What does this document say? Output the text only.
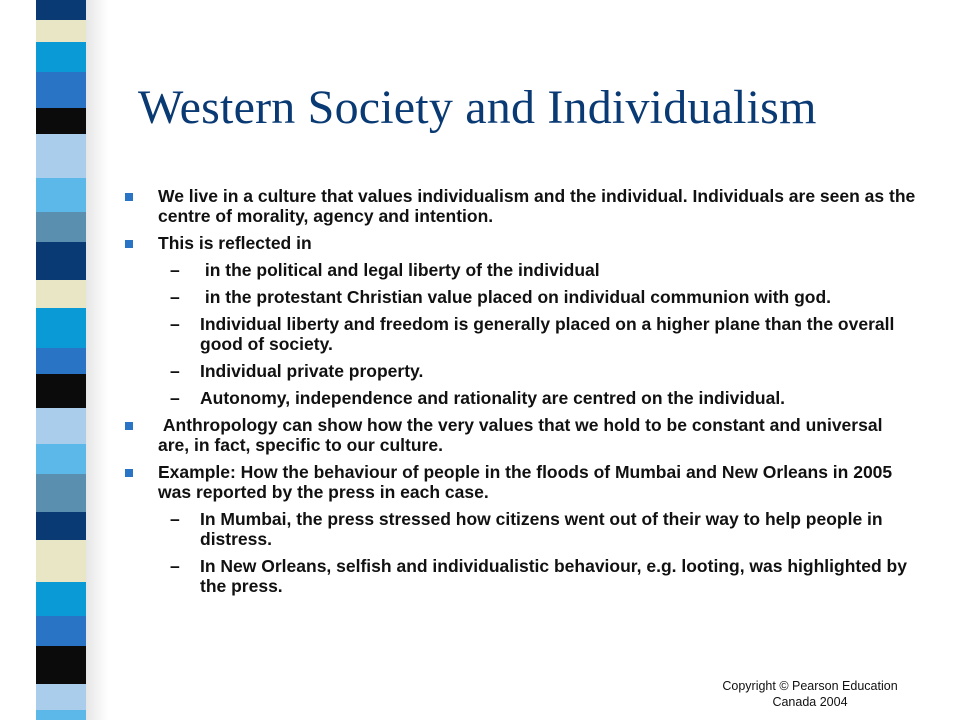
Western Society and Individualism
We live in a culture that values individualism and the individual. Individuals are seen as the centre of morality, agency and intention.
This is reflected in
– in the political and legal liberty of the individual
– in the protestant Christian value placed on individual communion with god.
– Individual liberty and freedom is generally placed on a higher plane than the overall good of society.
– Individual private property.
– Autonomy, independence and rationality are centred on the individual.
Anthropology can show how the very values that we hold to be constant and universal are, in fact, specific to our culture.
Example: How the behaviour of people in the floods of Mumbai and New Orleans in 2005 was reported by the press in each case.
– In Mumbai, the press stressed how citizens went out of their way to help people in distress.
– In New Orleans, selfish and individualistic behaviour, e.g. looting, was highlighted by the press.
Copyright © Pearson Education
Canada 2004
